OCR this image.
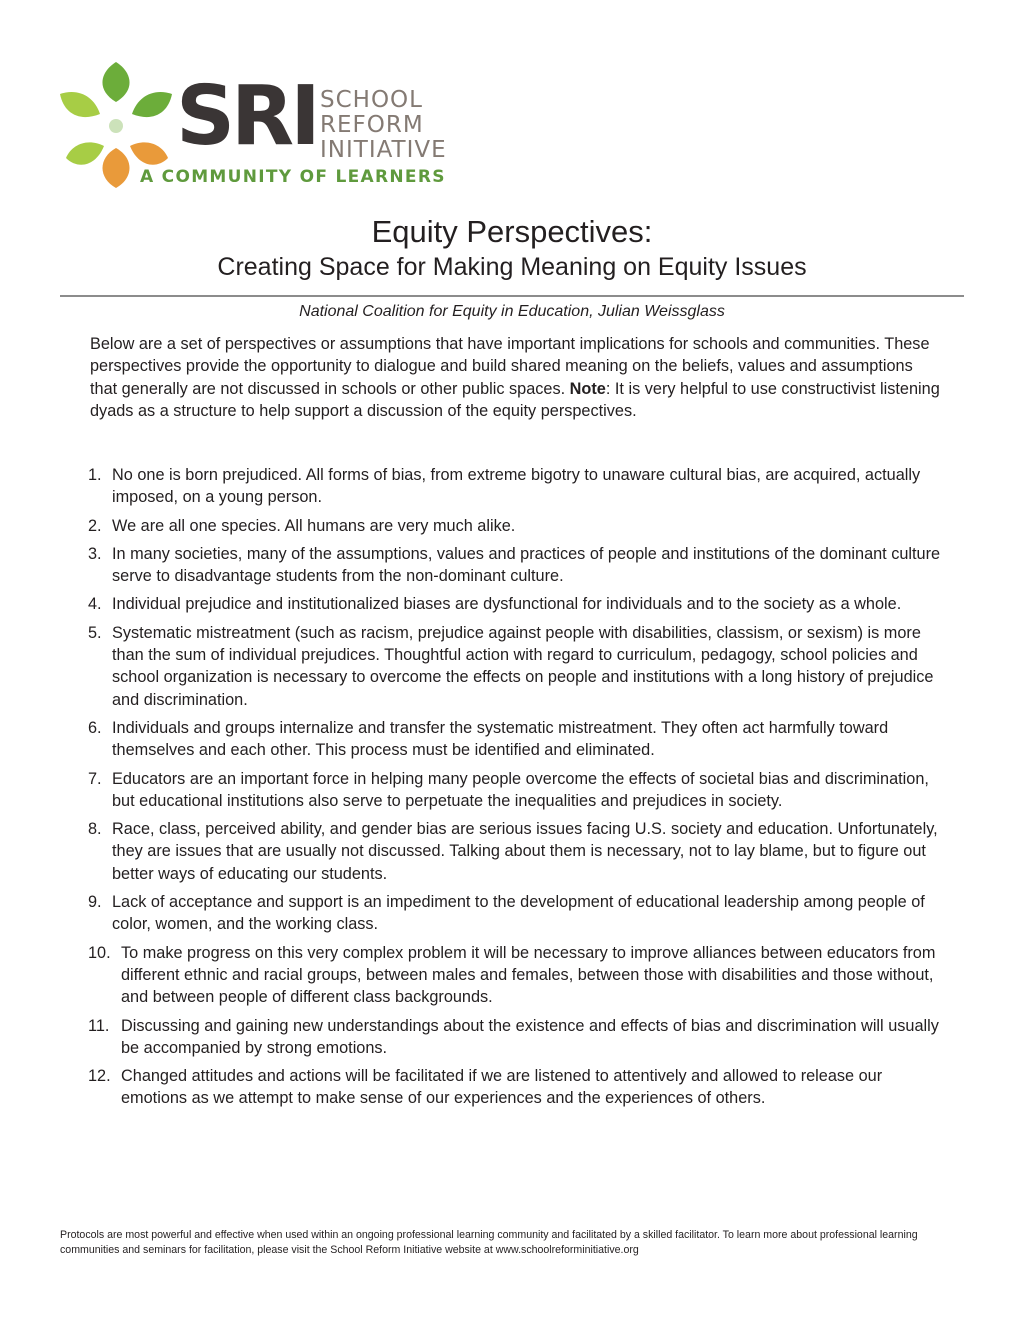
SRI SCHOOL
REFORM
INITIATIVE
A COMMUNITY OF LEARNERS
Equity Perspectives:
Creating Space for Making Meaning on Equity Issues
National Coalition for Equity in Education, Julian Weissglass

Below are a set of perspectives or assumptions that have important implications for schools and communities. These perspectives provide the opportunity to dialogue and build shared meaning on the beliefs, values and assumptions that generally are not discussed in schools or other public spaces. Note: It is very helpful to use constructivist listening dyads as a structure to help support a discussion of the equity perspectives.

1. No one is born prejudiced. All forms of bias, from extreme bigotry to unaware cultural bias, are acquired, actually imposed, on a young person.
2. We are all one species. All humans are very much alike.
3. In many societies, many of the assumptions, values and practices of people and institutions of the dominant culture serve to disadvantage students from the non-dominant culture.
4. Individual prejudice and institutionalized biases are dysfunctional for individuals and to the society as a whole.
5. Systematic mistreatment (such as racism, prejudice against people with disabilities, classism, or sexism) is more than the sum of individual prejudices. Thoughtful action with regard to curriculum, pedagogy, school policies and school organization is necessary to overcome the effects on people and institutions with a long history of prejudice and discrimination.
6. Individuals and groups internalize and transfer the systematic mistreatment. They often act harmfully toward themselves and each other. This process must be identified and eliminated.
7. Educators are an important force in helping many people overcome the effects of societal bias and discrimination, but educational institutions also serve to perpetuate the inequalities and prejudices in society.
8. Race, class, perceived ability, and gender bias are serious issues facing U.S. society and education. Unfortunately, they are issues that are usually not discussed. Talking about them is necessary, not to lay blame, but to figure out better ways of educating our students.
9. Lack of acceptance and support is an impediment to the development of educational leadership among people of color, women, and the working class.
10. To make progress on this very complex problem it will be necessary to improve alliances between educators from different ethnic and racial groups, between males and females, between those with disabilities and those without, and between people of different class backgrounds.
11. Discussing and gaining new understandings about the existence and effects of bias and discrimination will usually be accompanied by strong emotions.
12. Changed attitudes and actions will be facilitated if we are listened to attentively and allowed to release our emotions as we attempt to make sense of our experiences and the experiences of others.
Protocols are most powerful and effective when used within an ongoing professional learning community and facilitated by a skilled facilitator. To learn more about professional learning communities and seminars for facilitation, please visit the School Reform Initiative website at www.schoolreforminitiative.org
